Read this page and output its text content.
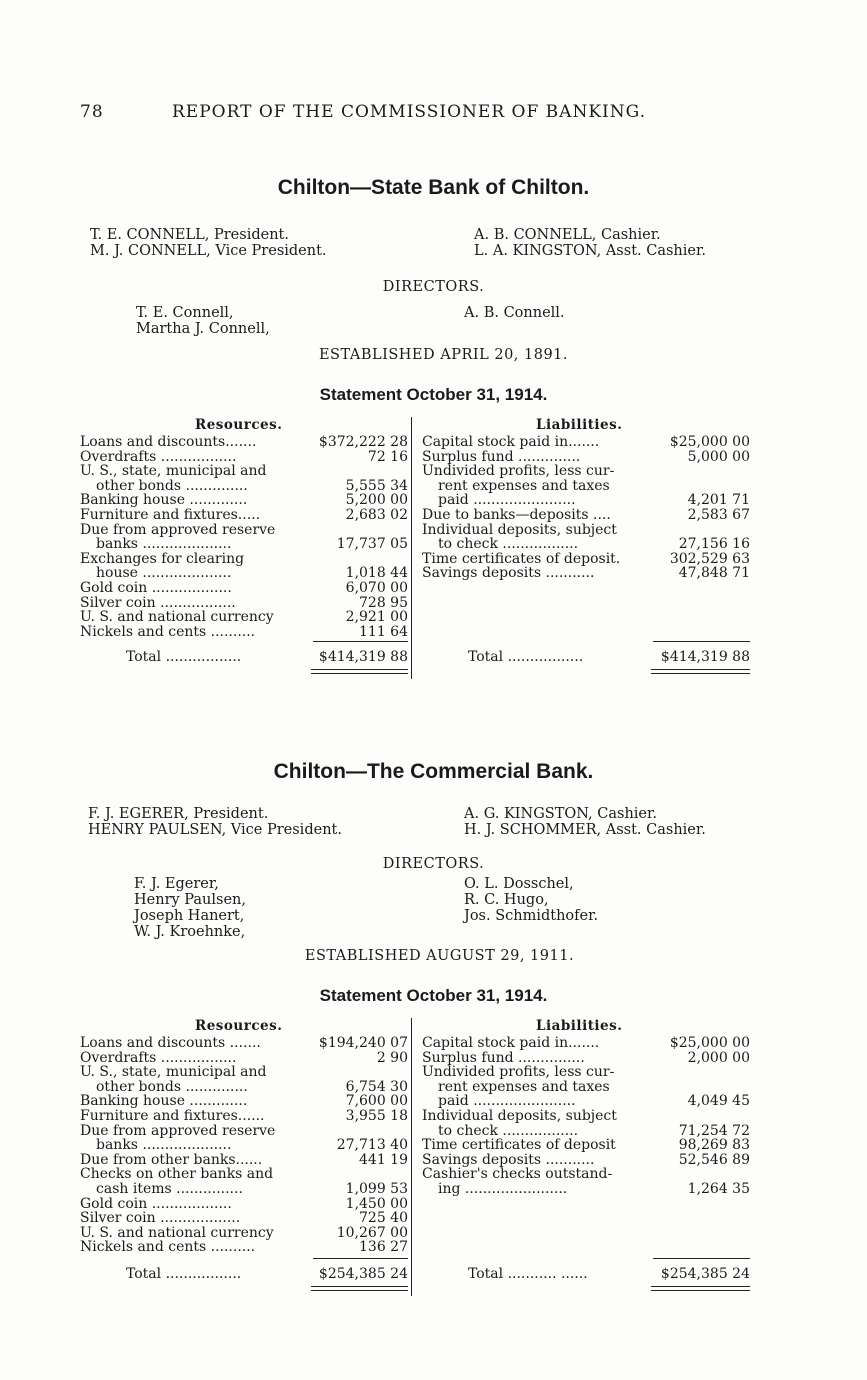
78	REPORT OF THE COMMISSIONER OF BANKING.
Chilton—State Bank of Chilton.
T. E. CONNELL, President.
M. J. CONNELL, Vice President.
A. B. CONNELL, Cashier.
L. A. KINGSTON, Asst. Cashier.
DIRECTORS.
T. E. Connell,
Martha J. Connell,
A. B. Connell.
ESTABLISHED APRIL 20, 1891.
Statement October 31, 1914.
Resources.	Liabilities.
Loans and discounts.......	$372,222 28
Overdrafts .................	72 16
U. S., state, municipal and
other bonds ..............	5,555 34
Banking house .............	5,200 00
Furniture and fixtures.....	2,683 02
Due from approved reserve
banks ....................	17,737 05
Exchanges for clearing
house ....................	1,018 44
Gold coin ..................	6,070 00
Silver coin .................	728 95
U. S. and national currency	2,921 00
Nickels and cents ..........	111 64
Capital stock paid in.......	$25,000 00
Surplus fund ..............	5,000 00
Undivided profits, less cur-
rent expenses and taxes
paid .......................	4,201 71
Due to banks—deposits ....	2,583 67
Individual deposits, subject
to check .................	27,156 16
Time certificates of deposit.	302,529 63
Savings deposits ...........	47,848 71
Total .................	$414,319 88	Total .................	$414,319 88
Chilton—The Commercial Bank.
F. J. EGERER, President.
HENRY PAULSEN, Vice President.
A. G. KINGSTON, Cashier.
H. J. SCHOMMER, Asst. Cashier.
DIRECTORS.
F. J. Egerer,
Henry Paulsen,
Joseph Hanert,
W. J. Kroehnke,
O. L. Dosschel,
R. C. Hugo,
Jos. Schmidthofer.
ESTABLISHED AUGUST 29, 1911.
Statement October 31, 1914.
Resources.	Liabilities.
Loans and discounts .......	$194,240 07
Overdrafts .................	2 90
U. S., state, municipal and
other bonds ..............	6,754 30
Banking house .............	7,600 00
Furniture and fixtures......	3,955 18
Due from approved reserve
banks ....................	27,713 40
Due from other banks......	441 19
Checks on other banks and
cash items ...............	1,099 53
Gold coin ..................	1,450 00
Silver coin ..................	725 40
U. S. and national currency	10,267 00
Nickels and cents ..........	136 27
Capital stock paid in.......	$25,000 00
Surplus fund ...............	2,000 00
Undivided profits, less cur-
rent expenses and taxes
paid .......................	4,049 45
Individual deposits, subject
to check .................	71,254 72
Time certificates of deposit	98,269 83
Savings deposits ...........	52,546 89
Cashier's checks outstand-
ing .......................	1,264 35
Total .................	$254,385 24	Total ........... ......	$254,385 24
